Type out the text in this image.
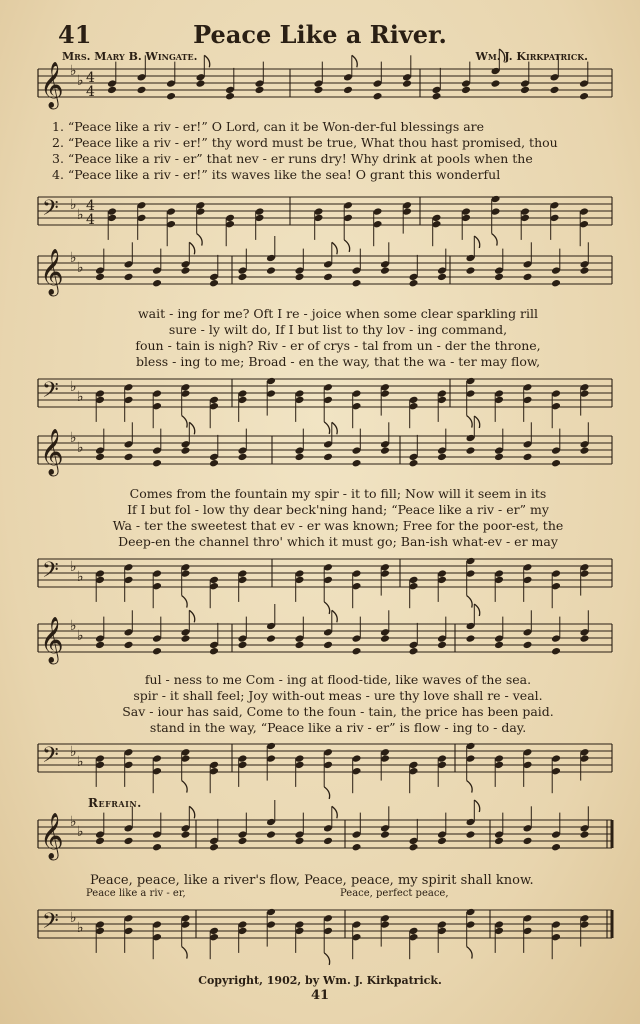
41	Peace Like a River.
Mrs. Mary B. Wingate.	Wm. J. Kirkpatrick.
𝄞 ♭
♭ 4
4
𝄢 ♭
♭
4
4
𝄞 ♭
♭
𝄢 ♭
♭
𝄞 ♭
♭
𝄢 ♭
♭
𝄞 ♭
♭
𝄢 ♭
♭
𝄞 ♭
♭
𝄢 ♭
♭
1. “Peace like a riv - er!” O Lord, can it be Won-der-ful blessings are
2. “Peace like a riv - er!” thy word must be true, What thou hast promised, thou
3. “Peace like a riv - er” that nev - er runs dry! Why drink at pools when the
4. “Peace like a riv - er!” its waves like the sea! O grant this wonderful
wait - ing for me? Oft I re - joice when some clear sparkling rill
sure - ly wilt do, If I but list to thy lov - ing command,
foun - tain is nigh? Riv - er of crys - tal from un - der the throne,
bless - ing to me; Broad - en the way, that the wa - ter may flow,
Comes from the fountain my spir - it to fill; Now will it seem in its
If I but fol - low thy dear beck'ning hand; “Peace like a riv - er” my
Wa - ter the sweetest that ev - er was known; Free for the poor-est, the
Deep-en the channel thro' which it must go; Ban-ish what-ev - er may
ful - ness to me Com - ing at flood-tide, like waves of the sea.
spir - it shall feel; Joy with-out meas - ure thy love shall re - veal.
Sav - iour has said, Come to the foun - tain, the price has been paid.
stand in the way, “Peace like a riv - er” is flow - ing to - day.
Refrain.
Peace, peace, like a river's flow, Peace, peace, my spirit shall know.
Peace like a riv - er,	Peace, perfect peace,
Copyright, 1902, by Wm. J. Kirkpatrick.
41
